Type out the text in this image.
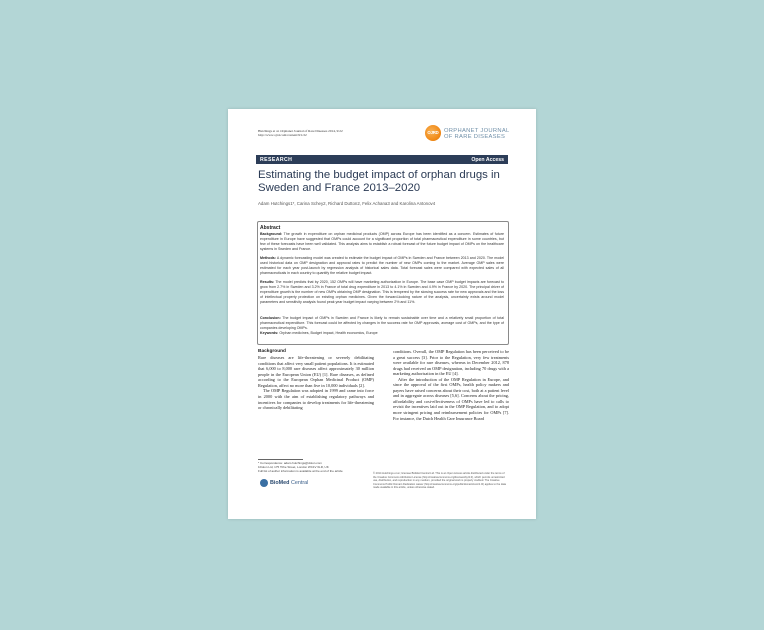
Hutchings et al. Orphanet Journal of Rare Diseases 2014, 9:22
http://www.ojrd.com/content/9/1/22
OJRD ORPHANET JOURNAL
OF RARE DISEASES
RESEARCH	Open Access
Estimating the budget impact of orphan drugs in Sweden and France 2013–2020
Adam Hutchings1*, Carina Schey2, Richard Dutton2, Felix Achana3 and Karolina Antonov4
Abstract
Background: The growth in expenditure on orphan medicinal products (OMP) across Europe has been identified as a concern. Estimates of future expenditure in Europe have suggested that OMPs could account for a significant proportion of total pharmaceutical expenditure in some countries, but few of these forecasts have been well validated. This analysis aims to establish a robust forecast of the future budget impact of OMPs on the healthcare systems in Sweden and France.
Methods: A dynamic forecasting model was created to estimate the budget impact of OMPs in Sweden and France between 2013 and 2020. The model used historical data on OMP designation and approval rates to predict the number of new OMPs coming to the market. Average OMP sales were estimated for each year post-launch by regression analysis of historical sales data. Total forecast sales were compared with expected sales of all pharmaceuticals in each country to quantify the relative budget impact.
Results: The model predicts that by 2020, 152 OMPs will have marketing authorization in Europe. The base case OMP budget impacts are forecast to grow from 2.7% in Sweden and 3.2% in France of total drug expenditure in 2013 to 4.1% in Sweden and 4.9% in France by 2020. The principal driver of expenditure growth is the number of new OMPs obtaining OMP designation. This is tempered by the slowing success rate for new approvals and the loss of intellectual property protection on existing orphan medicines. Given the forward-looking nature of the analysis, uncertainty exists around model parameters and sensitivity analysis found peak year budget impact varying between 2% and 11%.
Conclusion: The budget impact of OMPs in Sweden and France is likely to remain sustainable over time and a relatively small proportion of total pharmaceutical expenditure. This forecast could be affected by changes in the success rate for OMP approvals, average cost of OMPs, and the type of companies developing OMPs.
Keywords: Orphan medicines, Budget impact, Health economics, Europe
Background
Rare diseases are life-threatening or severely debilitating conditions that affect very small patient populations. It is estimated that 6,000 to 8,000 rare diseases affect approximately 30 million people in the European Union (EU) [1]. Rare diseases, as defined according to the European Orphan Medicinal Product (OMP) Regulation, affect no more than five in 10,000 individuals [2].
The OMP Regulation was adopted in 1999 and came into force in 2000 with the aim of establishing regulatory pathways and incentives for companies to develop treatments for life-threatening or chronically debilitating
conditions. Overall, the OMP Regulation has been perceived to be a great success [3]. Prior to the Regulation, very few treatments were available for rare diseases, whereas in December 2012, 878 drugs had received an OMP designation, including 70 drugs with a marketing authorisation in the EU [4].
After the introduction of the OMP Regulation in Europe, and since the approval of the first OMPs, health policy makers and payers have raised concerns about their cost, both at a patient level and in aggregate across diseases [5,6]. Concerns about the pricing, affordability and cost-effectiveness of OMPs have led to calls to revisit the incentives laid out in the OMP Regulation, and to adopt more stringent pricing and reimbursement policies for OMPs [7]. For instance, the Dutch Health Care Insurance Board
* Correspondence: adam.hutchings@dolon.com
1Dolon Ltd, 175 Tithe Street, London WC1V 6LR, UK
Full list of author information is available at the end of the article
BioMed Central
© 2014 Hutchings et al.; licensee BioMed Central Ltd. This is an Open Access article distributed under the terms of the Creative Commons Attribution License (http://creativecommons.org/licenses/by/2.0), which permits unrestricted use, distribution, and reproduction in any medium, provided the original work is properly credited. The Creative Commons Public Domain Dedication waiver (http://creativecommons.org/publicdomain/zero/1.0/) applies to the data made available in this article, unless otherwise stated.
